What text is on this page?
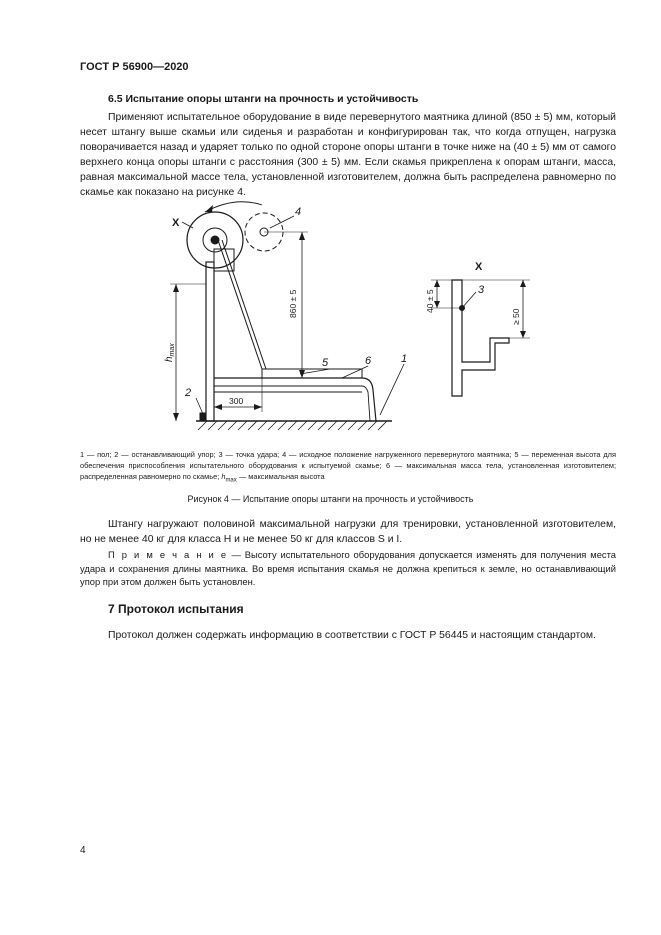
ГОСТ Р 56900—2020
6.5 Испытание опоры штанги на прочность и устойчивость
Применяют испытательное оборудование в виде перевернутого маятника длиной (850 ± 5) мм, который несет штангу выше скамьи или сиденья и разработан и конфигурирован так, что когда отпущен, нагрузка поворачивается назад и ударяет только по одной стороне опоры штанги в точке ниже на (40 ± 5) мм от самого верхнего конца опоры штанги с расстояния (300 ± 5) мм. Если скамья прикреплена к опорам штанги, масса, равная максимальной массе тела, установленной изготовителем, должна быть распределена равномерно по скамье как показано на рисунке 4.
X
X
1
2
3
4
5	6
300
860 ± 5	40 ± 5
≥ 50
$h_{max}$
1 — пол; 2 — останавливающий упор; 3 — точка удара; 4 — исходное положение нагруженного перевернутого маятника; 5 — переменная высота для обеспечения приспособления испытательного оборудования к испытуемой скамье; 6 — максимальная масса тела, установленная изготовителем; распределенная равномерно по скамье; $h_{max}$ — максимальная высота
Рисунок 4 — Испытание опоры штанги на прочность и устойчивость
Штангу нагружают половиной максимальной нагрузки для тренировки, установленной изготовителем, но не менее 40 кг для класса H и не менее 50 кг для классов S и I.
П р и м е ч а н и е — Высоту испытательного оборудования допускается изменять для получения места удара и сохранения длины маятника. Во время испытания скамья не должна крепиться к земле, но останавливающий упор при этом должен быть установлен.
7 Протокол испытания
Протокол должен содержать информацию в соответствии с ГОСТ Р 56445 и настоящим стандартом.
4
